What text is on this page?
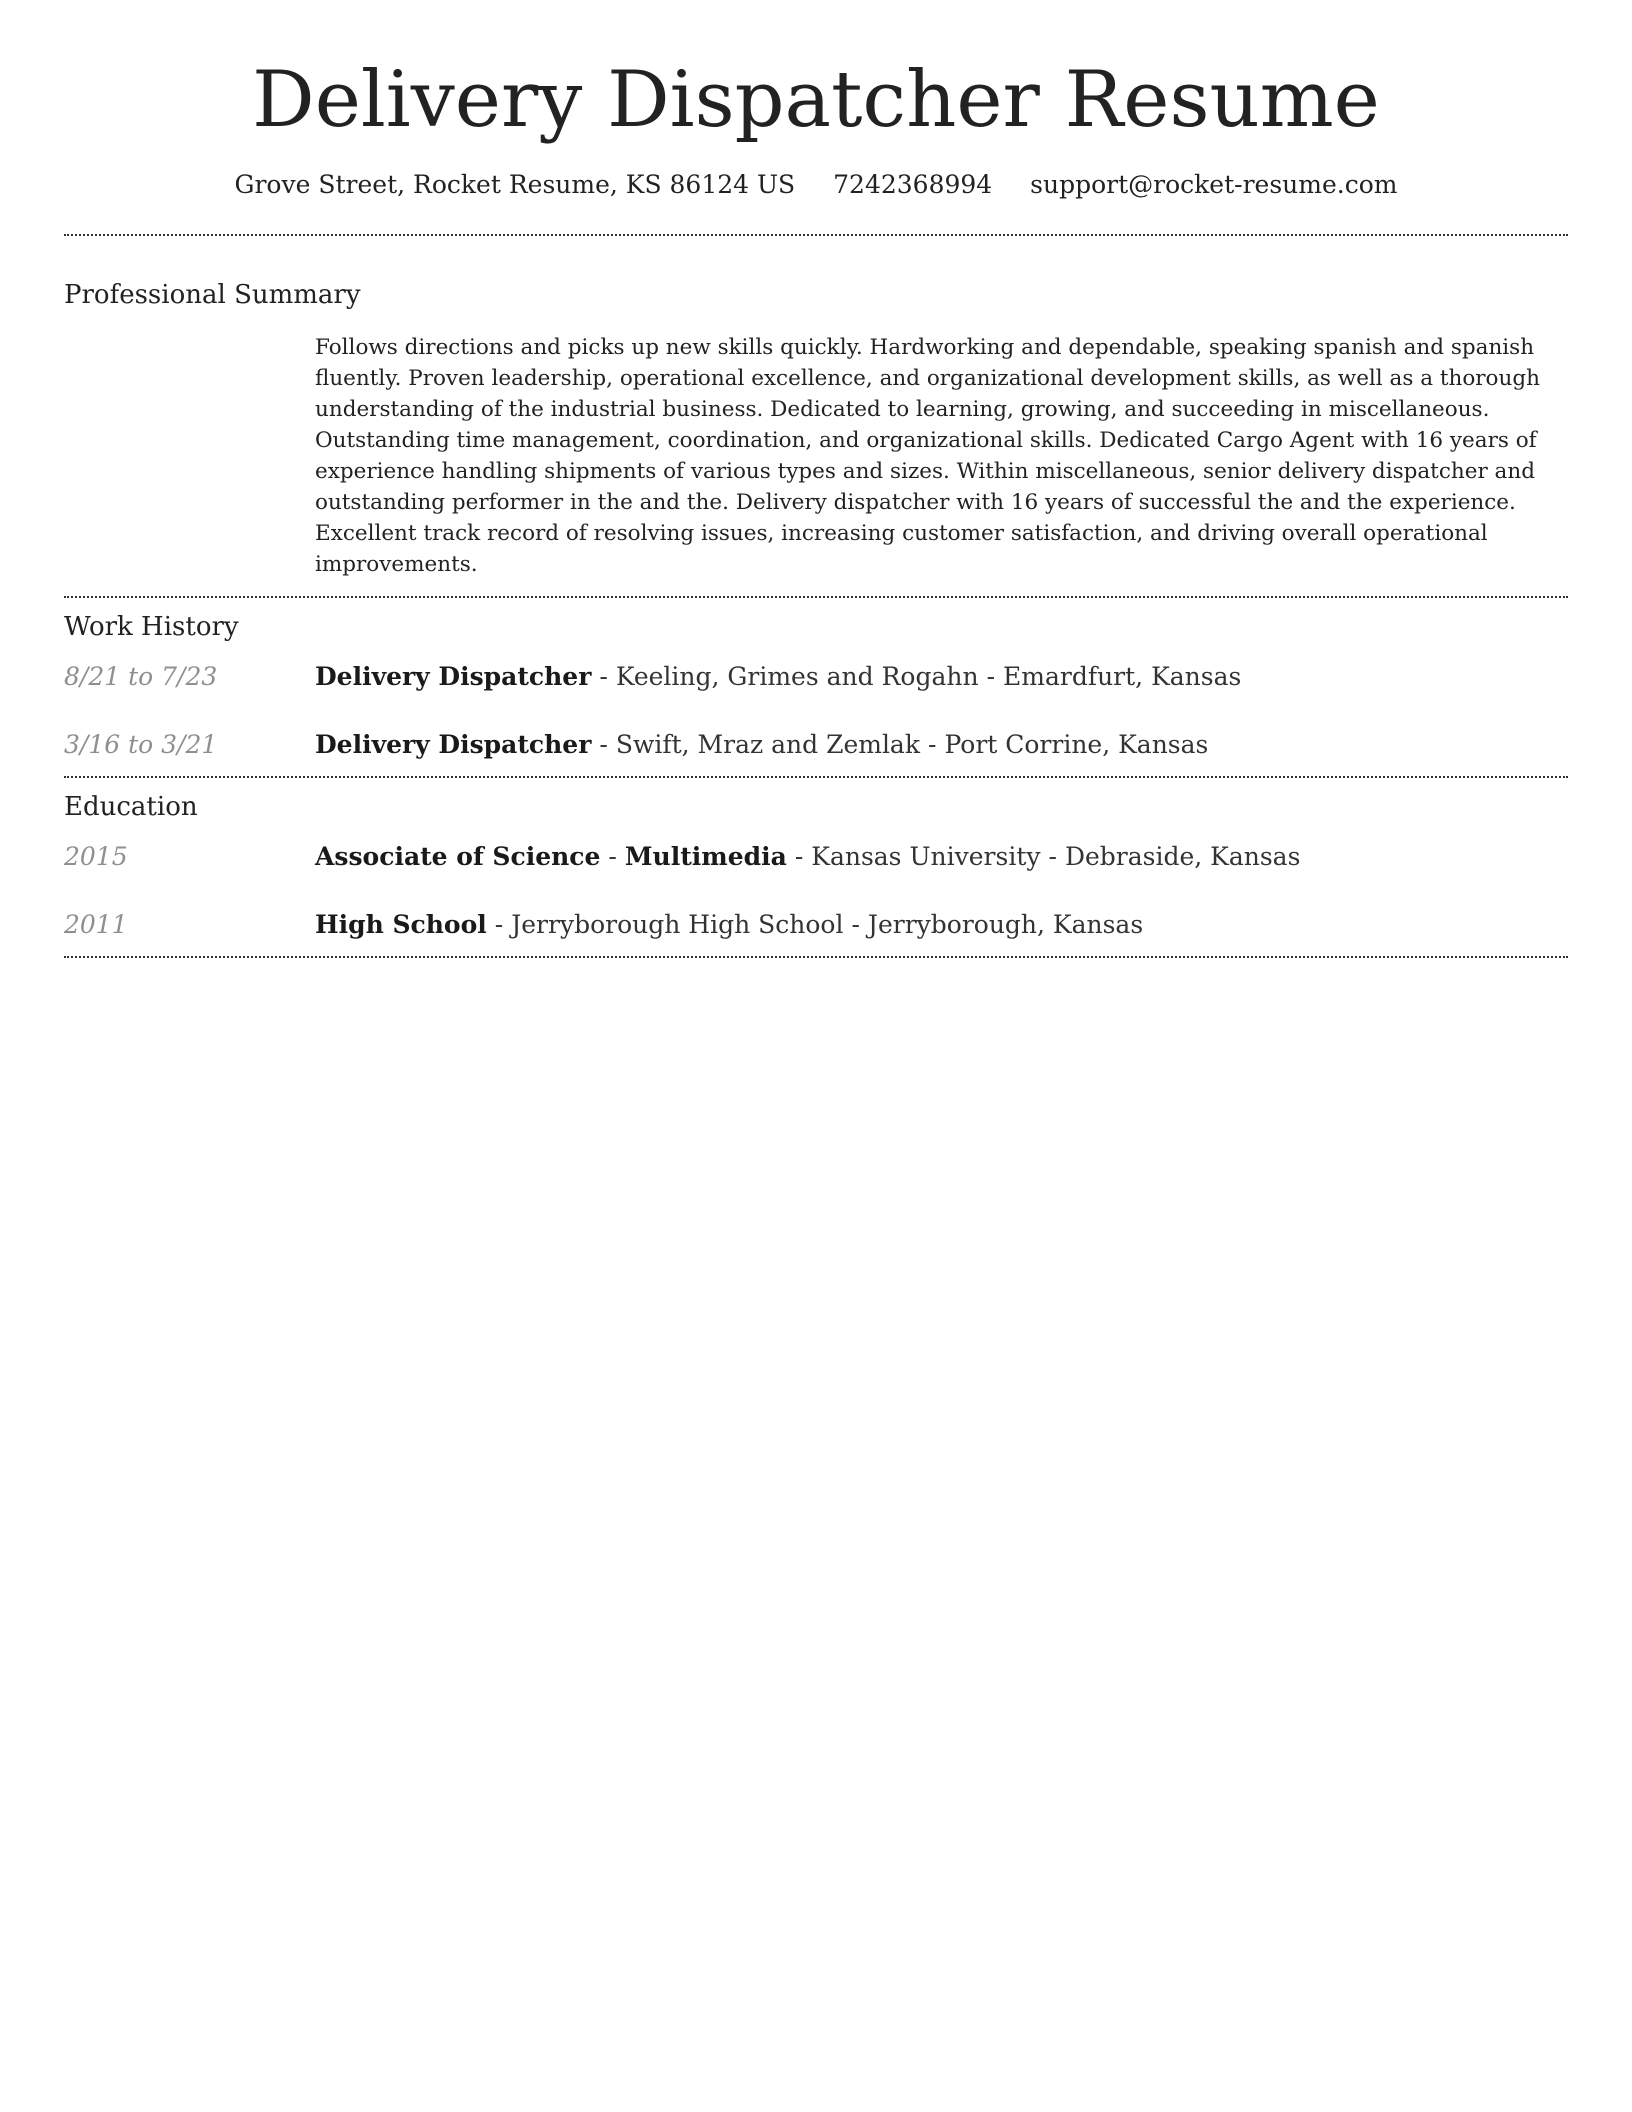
Delivery Dispatcher Resume
Grove Street, Rocket Resume, KS 86124 US 7242368994 support@rocket-resume.com
Professional Summary
Follows directions and picks up new skills quickly. Hardworking and dependable, speaking spanish and spanish fluently. Proven leadership, operational excellence, and organizational development skills, as well as a thorough understanding of the industrial business. Dedicated to learning, growing, and succeeding in miscellaneous. Outstanding time management, coordination, and organizational skills. Dedicated Cargo Agent with 16 years of experience handling shipments of various types and sizes. Within miscellaneous, senior delivery dispatcher and outstanding performer in the and the. Delivery dispatcher with 16 years of successful the and the experience. Excellent track record of resolving issues, increasing customer satisfaction, and driving overall operational improvements.
Work History
8/21 to 7/23	Delivery Dispatcher - Keeling, Grimes and Rogahn - Emardfurt, Kansas
3/16 to 3/21	Delivery Dispatcher - Swift, Mraz and Zemlak - Port Corrine, Kansas
Education
2015	Associate of Science - Multimedia - Kansas University - Debraside, Kansas
2011	High School - Jerryborough High School - Jerryborough, Kansas
